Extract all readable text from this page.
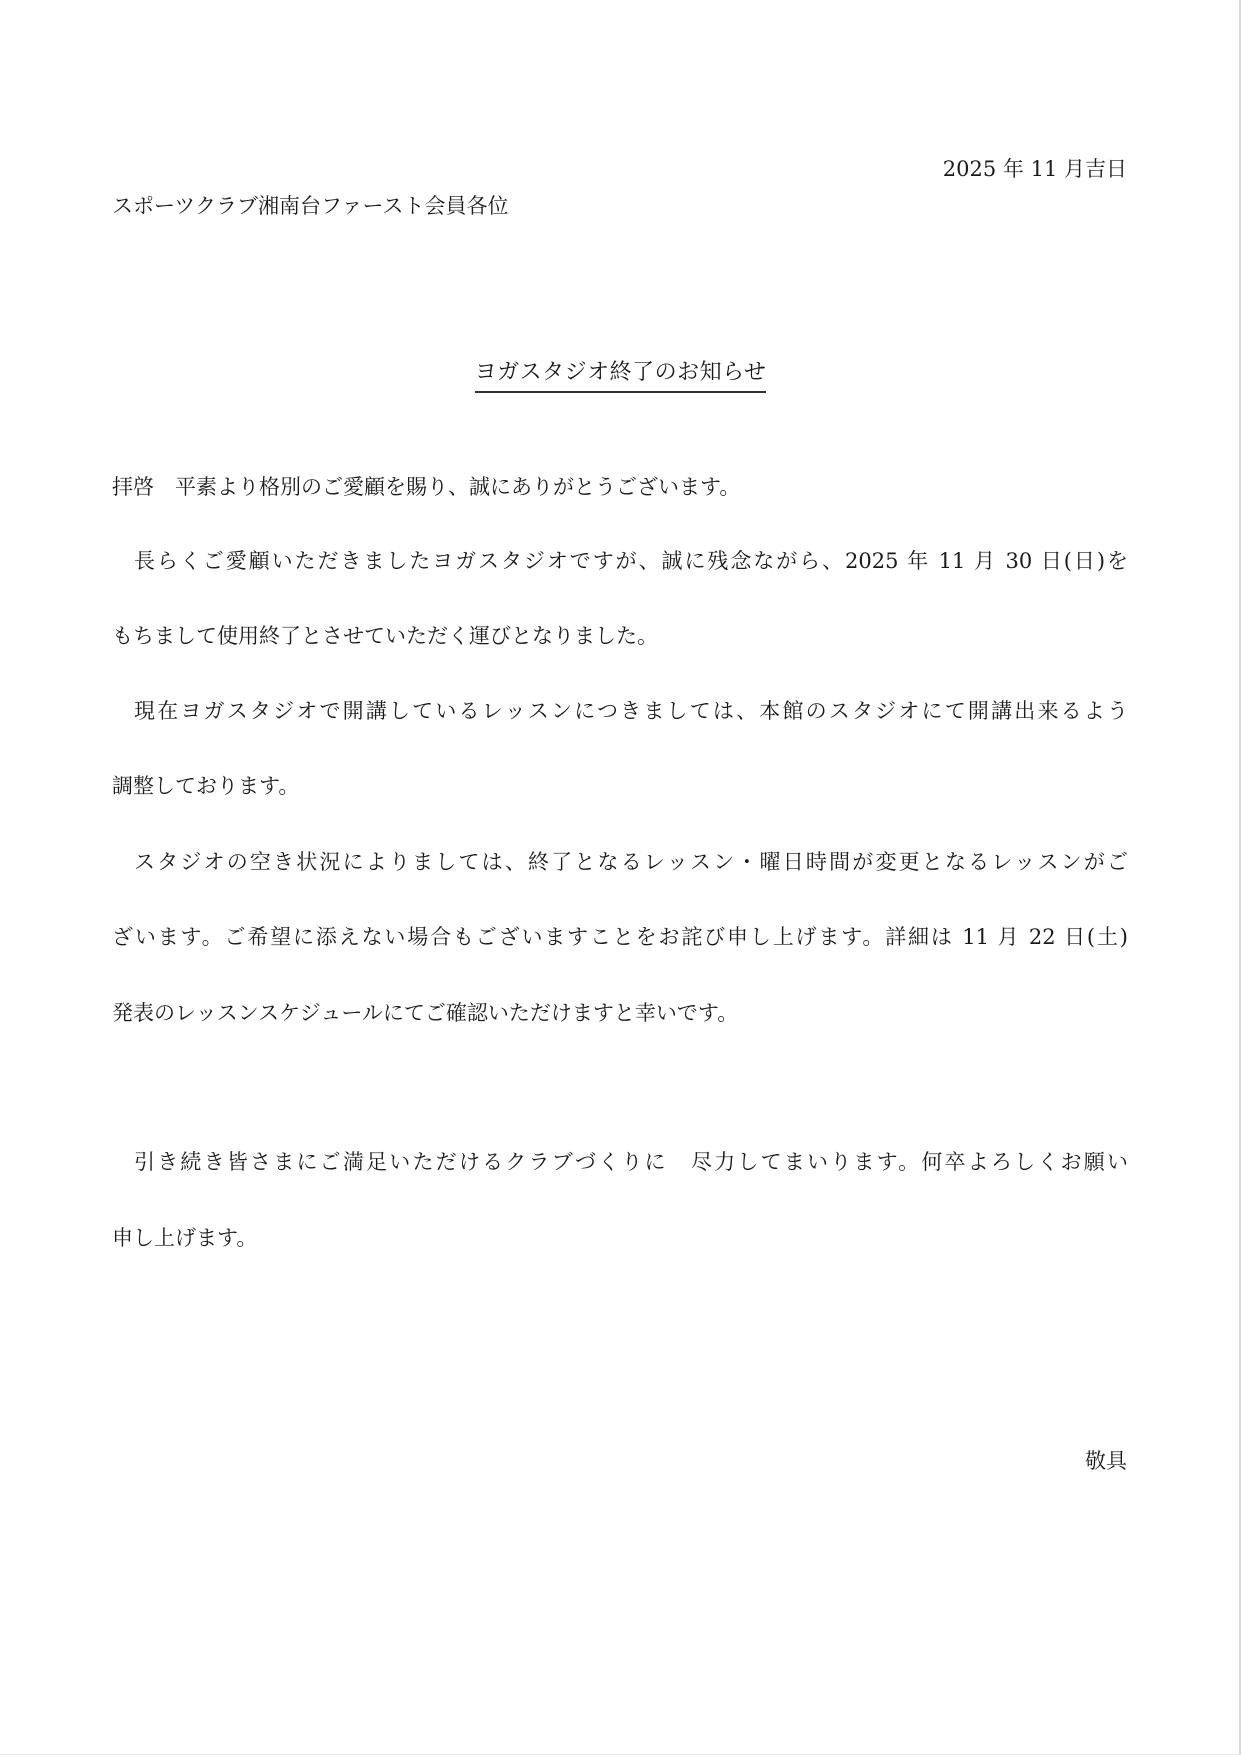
2025 年 11 月吉日

スポーツクラブ湘南台ファースト会員各位

ヨガスタジオ終了のお知らせ

拝啓　平素より格別のご愛顧を賜り、誠にありがとうございます。

長らくご愛顧いただきましたヨガスタジオですが、誠に残念ながら、2025 年 11 月 30 日(日)を

もちまして使用終了とさせていただく運びとなりました。

現在ヨガスタジオで開講しているレッスンにつきましては、本館のスタジオにて開講出来るよう

調整しております。

スタジオの空き状況によりましては、終了となるレッスン・曜日時間が変更となるレッスンがご

ざいます。ご希望に添えない場合もございますことをお詫び申し上げます。詳細は 11 月 22 日(土)

発表のレッスンスケジュールにてご確認いただけますと幸いです。

引き続き皆さまにご満足いただけるクラブづくりに　尽力してまいります。何卒よろしくお願い

申し上げます。

敬具
